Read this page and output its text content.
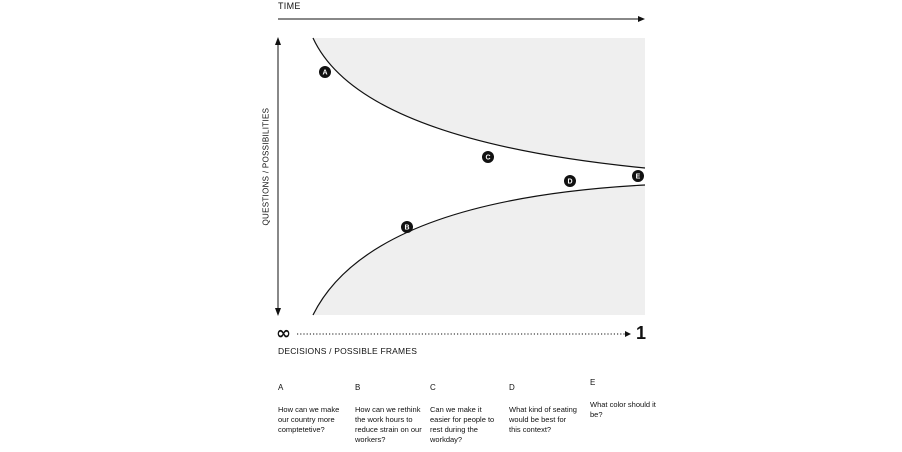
TIME
QUESTIONS / POSSIBILITIES
∞	1
DECISIONS / POSSIBLE FRAMES
A
B
C
D
E
A
How can we make our country more comptetetive?
B
How can we rethink the work hours to reduce strain on our workers?
C
Can we make it easier for people to rest during the workday?
D
What kind of seating would be best for this context?
E
What color should it be?
